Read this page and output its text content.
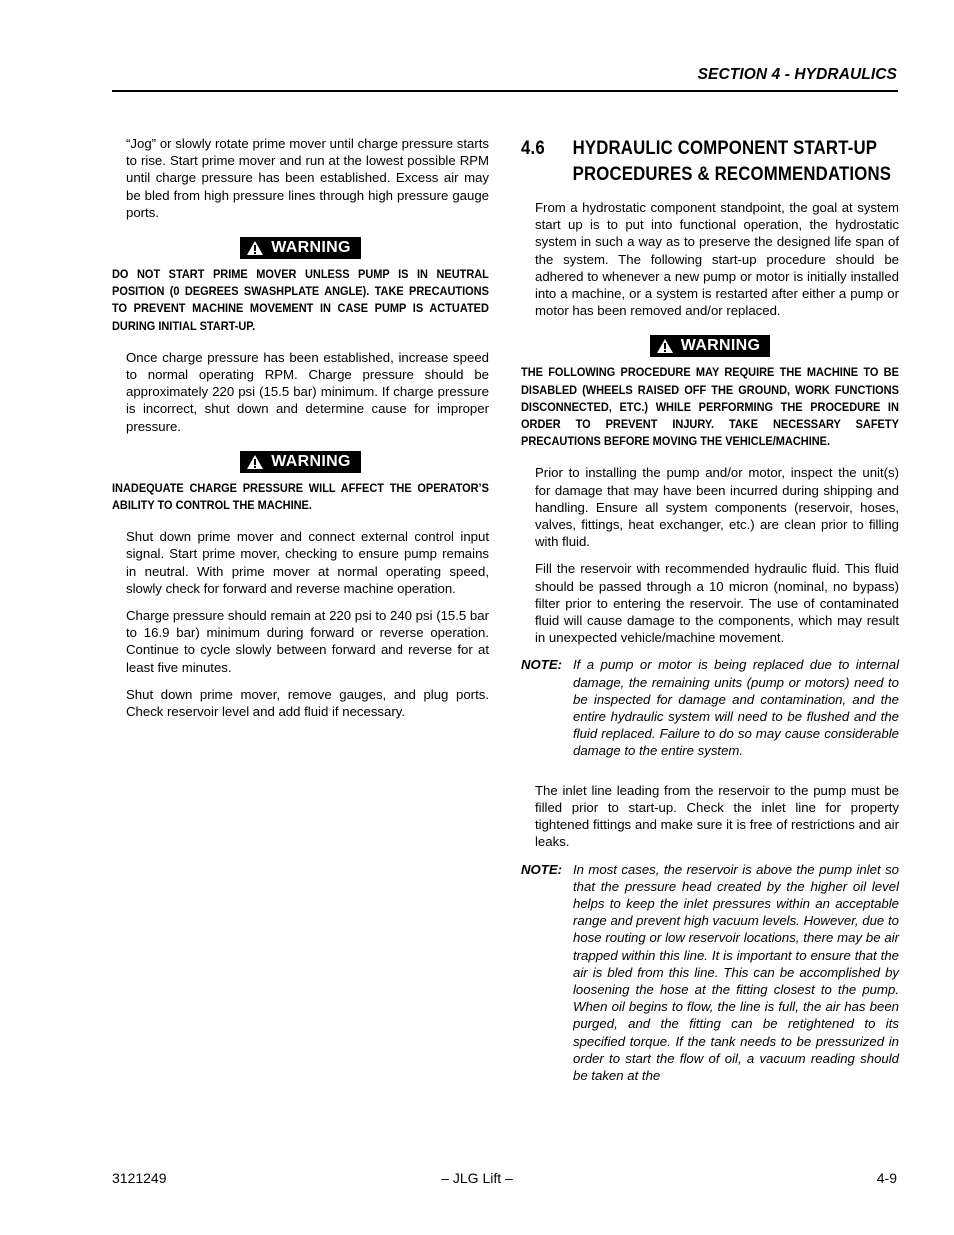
SECTION 4 - HYDRAULICS

“Jog” or slowly rotate prime mover until charge pressure starts to rise. Start prime mover and run at the lowest possible RPM until charge pressure has been established. Excess air may be bled from high pressure lines through high pressure gauge ports.

WARNING
DO NOT START PRIME MOVER UNLESS PUMP IS IN NEUTRAL POSITION (0 DEGREES SWASHPLATE ANGLE). TAKE PRECAUTIONS TO PREVENT MACHINE MOVEMENT IN CASE PUMP IS ACTUATED DURING INITIAL START-UP.

Once charge pressure has been established, increase speed to normal operating RPM. Charge pressure should be approximately 220 psi (15.5 bar) minimum. If charge pressure is incorrect, shut down and determine cause for improper pressure.

WARNING
INADEQUATE CHARGE PRESSURE WILL AFFECT THE OPERATOR’S ABILITY TO CONTROL THE MACHINE.

Shut down prime mover and connect external control input signal. Start prime mover, checking to ensure pump remains in neutral. With prime mover at normal operating speed, slowly check for forward and reverse machine operation.

Charge pressure should remain at 220 psi to 240 psi (15.5 bar to 16.9 bar) minimum during forward or reverse operation. Continue to cycle slowly between forward and reverse for at least five minutes.

Shut down prime mover, remove gauges, and plug ports. Check reservoir level and add fluid if necessary.

4.6	HYDRAULIC COMPONENT START-UP PROCEDURES & RECOMMENDATIONS

From a hydrostatic component standpoint, the goal at system start up is to put into functional operation, the hydrostatic system in such a way as to preserve the designed life span of the system. The following start-up procedure should be adhered to whenever a new pump or motor is initially installed into a machine, or a system is restarted after either a pump or motor has been removed and/or replaced.

WARNING
THE FOLLOWING PROCEDURE MAY REQUIRE THE MACHINE TO BE DISABLED (WHEELS RAISED OFF THE GROUND, WORK FUNCTIONS DISCONNECTED, ETC.) WHILE PERFORMING THE PROCEDURE IN ORDER TO PREVENT INJURY. TAKE NECESSARY SAFETY PRECAUTIONS BEFORE MOVING THE VEHICLE/MACHINE.

Prior to installing the pump and/or motor, inspect the unit(s) for damage that may have been incurred during shipping and handling. Ensure all system components (reservoir, hoses, valves, fittings, heat exchanger, etc.) are clean prior to filling with fluid.

Fill the reservoir with recommended hydraulic fluid. This fluid should be passed through a 10 micron (nominal, no bypass) filter prior to entering the reservoir. The use of contaminated fluid will cause damage to the components, which may result in unexpected vehicle/machine movement.

NOTE: If a pump or motor is being replaced due to internal damage, the remaining units (pump or motors) need to be inspected for damage and contamination, and the entire hydraulic system will need to be flushed and the fluid replaced. Failure to do so may cause considerable damage to the entire system.

The inlet line leading from the reservoir to the pump must be filled prior to start-up. Check the inlet line for property tightened fittings and make sure it is free of restrictions and air leaks.

NOTE: In most cases, the reservoir is above the pump inlet so that the pressure head created by the higher oil level helps to keep the inlet pressures within an acceptable range and prevent high vacuum levels. However, due to hose routing or low reservoir locations, there may be air trapped within this line. It is important to ensure that the air is bled from this line. This can be accomplished by loosening the hose at the fitting closest to the pump. When oil begins to flow, the line is full, the air has been purged, and the fitting can be retightened to its specified torque. If the tank needs to be pressurized in order to start the flow of oil, a vacuum reading should be taken at the
3121249	– JLG Lift –	4-9
